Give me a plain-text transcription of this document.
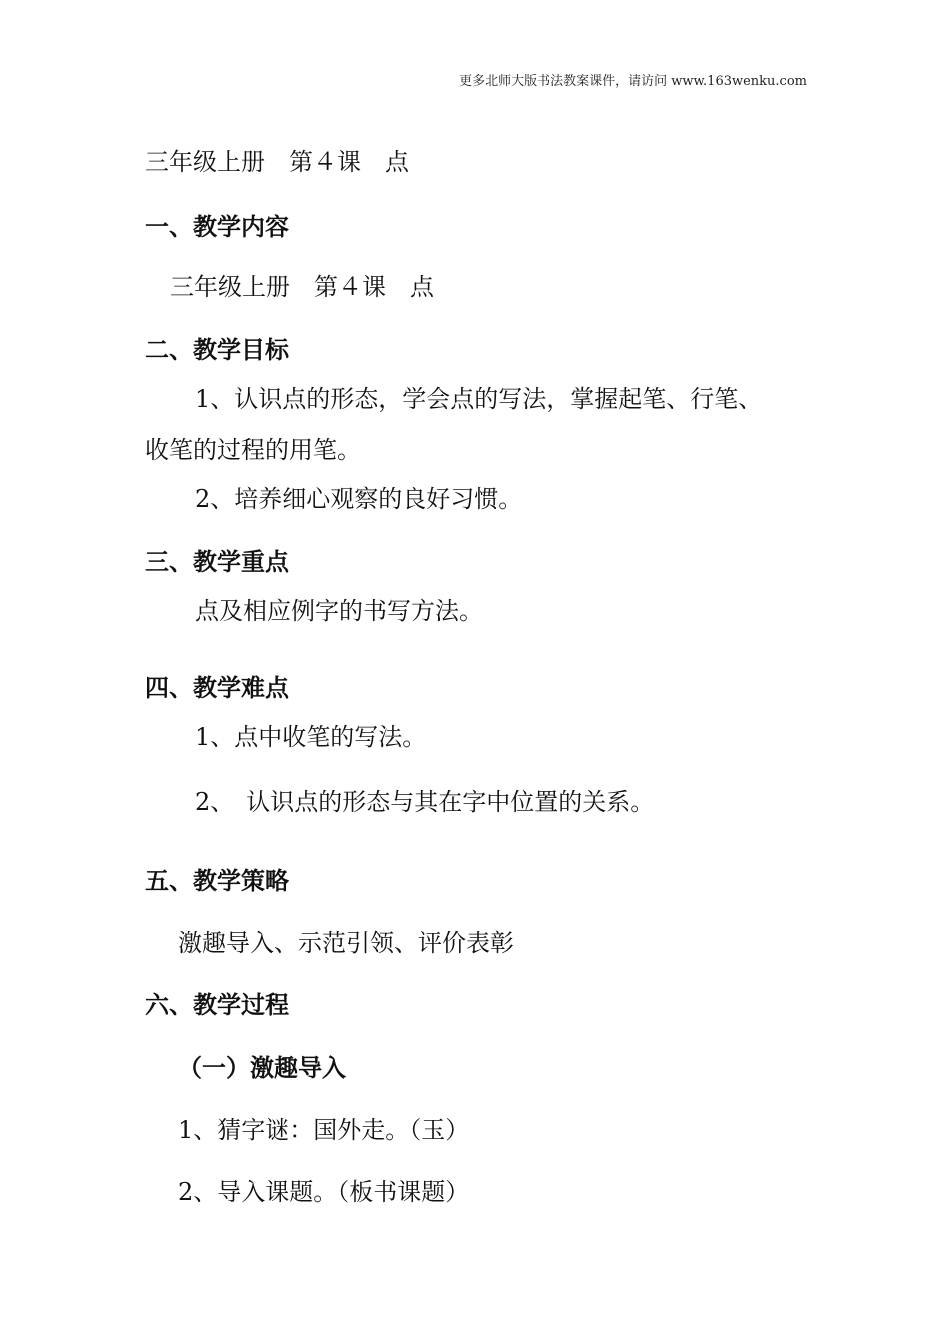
更多北师大版书法教案课件，请访问 www.163wenku.com
三年级上册　第４课　点
一、教学内容
三年级上册　第４课　点
二、教学目标
1、认识点的形态，学会点的写法，掌握起笔、行笔、
收笔的过程的用笔。
2、培养细心观察的良好习惯。
三、教学重点
点及相应例字的书写方法。
四、教学难点
1、点中收笔的写法。
2、　认识点的形态与其在字中位置的关系。
五、教学策略
激趣导入、示范引领、评价表彰
六、教学过程
（一）激趣导入
1、猜字谜：国外走。（玉）
2、导入课题。（板书课题）
